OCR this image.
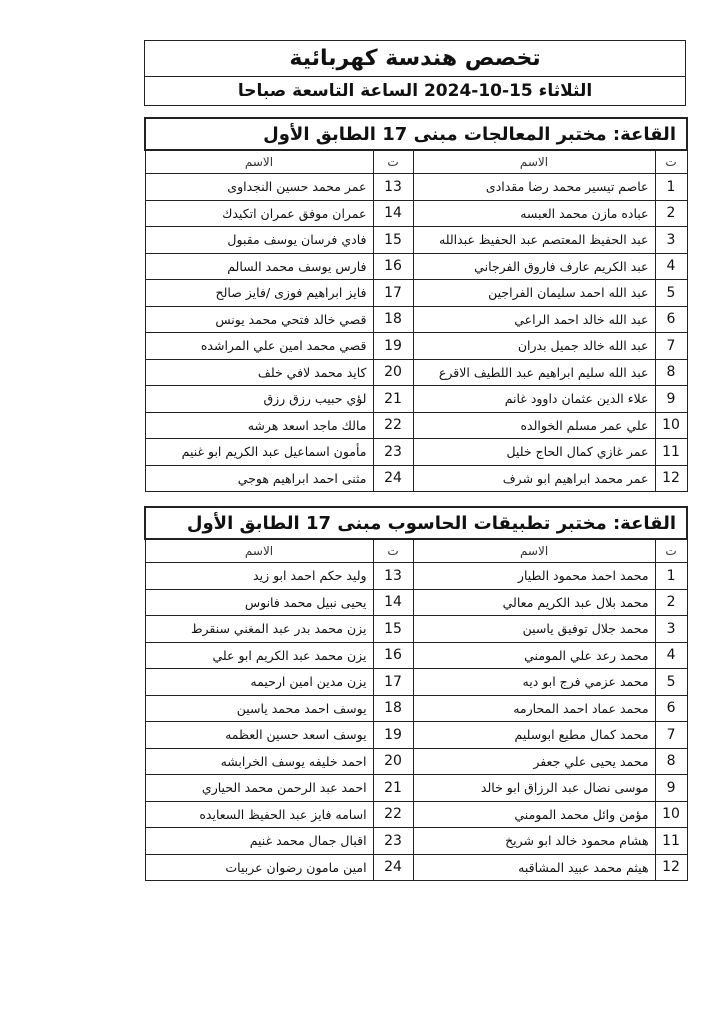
تخصص هندسة كهربائية
الثلاثاء 15-10-2024 الساعة التاسعة صباحا
القاعة: مختبر المعالجات مبنى 17 الطابق الأول			
ت	الاسم	ت	الاسم
1	عاصم تيسير محمد رضا مقدادى	13	عمر محمد حسين النجداوى
2	عباده مازن محمد العبسه	14	عمران موفق عمران اتكيدك
3	عبد الحفيظ المعتصم عبد الحفيظ عبدالله	15	فادي فرسان يوسف مقبول
4	عبد الكريم عارف فاروق الفرجاني	16	فارس يوسف محمد السالم
5	عبد الله احمد سليمان الفراجين	17	فايز ابراهيم فوزى /فايز صالح
6	عبد الله خالد احمد الراعي	18	قصي خالد فتحي محمد يونس
7	عبد الله خالد جميل بدران	19	قصي محمد امين علي المراشده
8	عبد الله سليم ابراهيم عبد اللطيف الاقرع	20	كايد محمد لافي خلف
9	علاء الدين عثمان داوود غانم	21	لؤي حبيب رزق رزق
10	علي عمر مسلم الخوالده	22	مالك ماجد اسعد هرشه
11	عمر غازي كمال الحاج خليل	23	مأمون اسماعيل عبد الكريم ابو غنيم
12	عمر محمد ابراهيم ابو شرف	24	مثنى احمد ابراهيم هوجي
القاعة: مختبر تطبيقات الحاسوب مبنى 17 الطابق الأول			
ت	الاسم	ت	الاسم
1	محمد احمد محمود الطيار	13	وليد حكم احمد ابو زيد
2	محمد بلال عبد الكريم معالي	14	يحيى نبيل محمد فانوس
3	محمد جلال توفيق ياسين	15	يزن محمد بدر عبد المغني سنقرط
4	محمد رعد علي المومني	16	يزن محمد عبد الكريم ابو علي
5	محمد عزمي فرج ابو ديه	17	يزن مدين امين ارحيمه
6	محمد عماد احمد المحارمه	18	يوسف احمد محمد ياسين
7	محمد كمال مطيع ابوسليم	19	يوسف اسعد حسين العظمه
8	محمد يحيى علي جعفر	20	احمد خليفه يوسف الخرابشه
9	موسى نضال عبد الرزاق ابو خالد	21	احمد عبد الرحمن محمد الحياري
10	مؤمن وائل محمد المومني	22	اسامه فايز عبد الحفيظ السعايده
11	هشام محمود خالد ابو شريخ	23	اقبال جمال محمد غنيم
12	هيثم محمد عبيد المشاقبه	24	امين مامون رضوان عربيات
